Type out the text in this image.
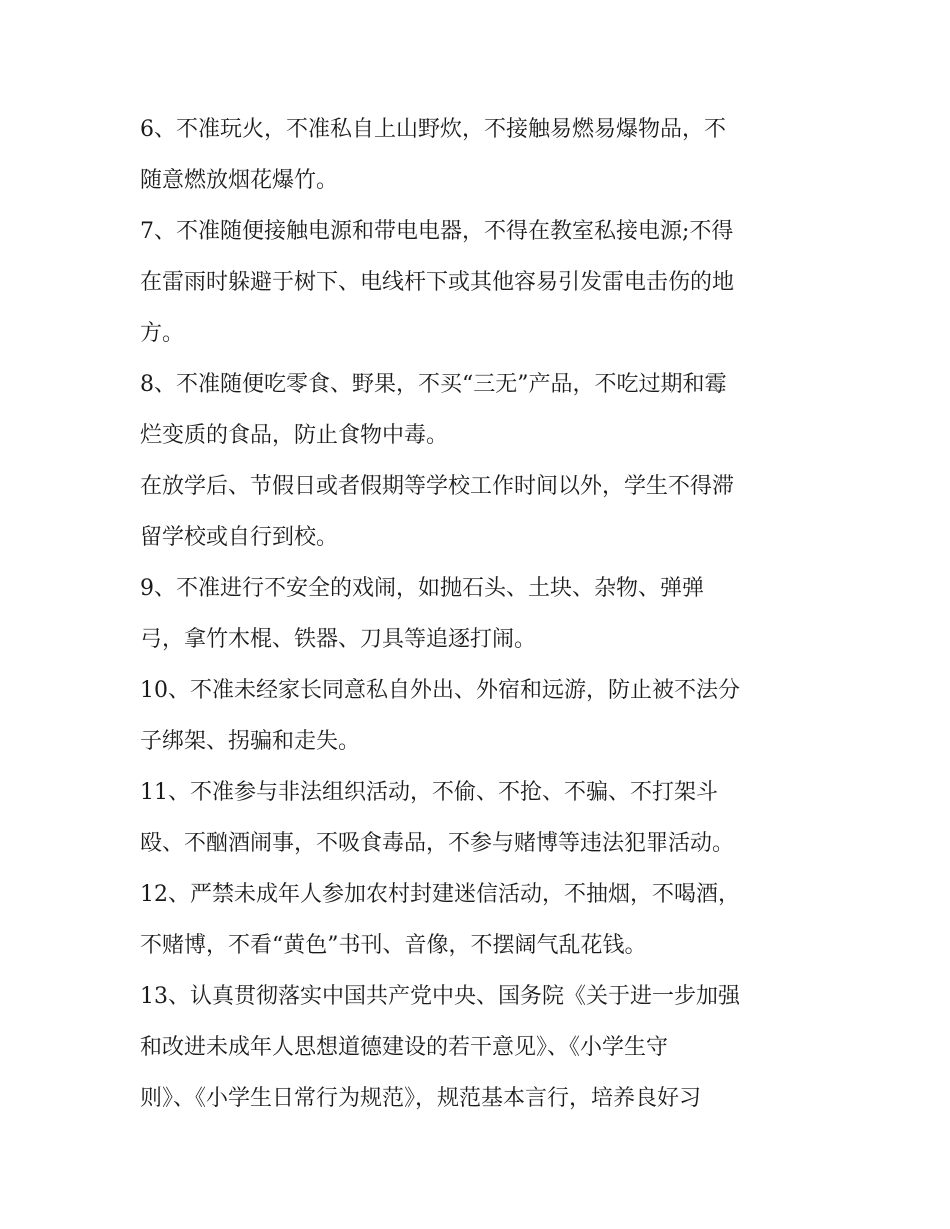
6、不准玩火，不准私自上山野炊，不接触易燃易爆物品，不
随意燃放烟花爆竹。
7、不准随便接触电源和带电电器，不得在教室私接电源;不得
在雷雨时躲避于树下、电线杆下或其他容易引发雷电击伤的地
方。
8、不准随便吃零食、野果，不买“三无”产品，不吃过期和霉
烂变质的食品，防止食物中毒。
在放学后、节假日或者假期等学校工作时间以外，学生不得滞
留学校或自行到校。
9、不准进行不安全的戏闹，如抛石头、土块、杂物、弹弹
弓，拿竹木棍、铁器、刀具等追逐打闹。
10、不准未经家长同意私自外出、外宿和远游，防止被不法分
子绑架、拐骗和走失。
11、不准参与非法组织活动，不偷、不抢、不骗、不打架斗
殴、不酗酒闹事，不吸食毒品，不参与赌博等违法犯罪活动。
12、严禁未成年人参加农村封建迷信活动，不抽烟，不喝酒，
不赌博，不看“黄色”书刊、音像，不摆阔气乱花钱。
13、认真贯彻落实中国共产党中央、国务院《关于进一步加强
和改进未成年人思想道德建设的若干意见》、《小学生守
则》、《小学生日常行为规范》，规范基本言行，培养良好习
